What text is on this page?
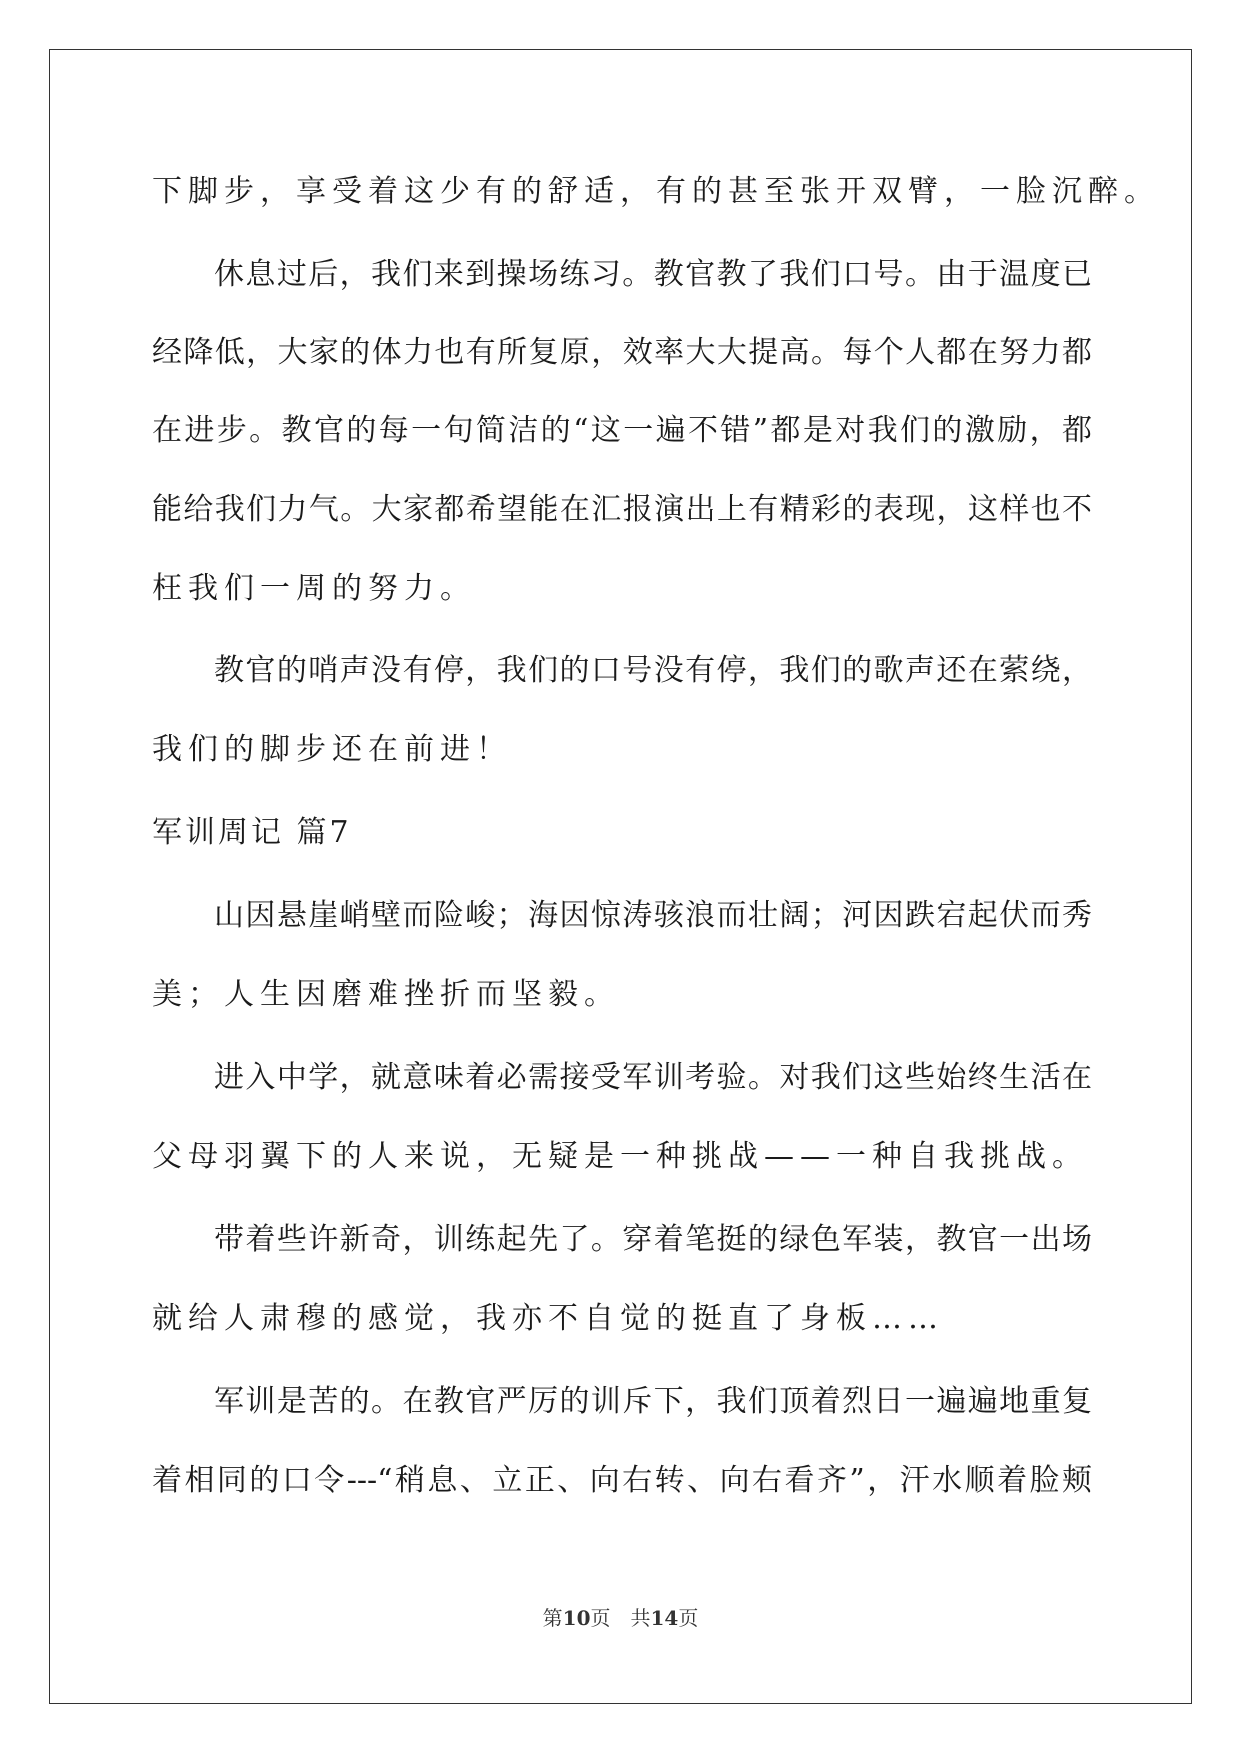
下脚步，享受着这少有的舒适，有的甚至张开双臂，一脸沉醉。
休息过后，我们来到操场练习。教官教了我们口号。由于温度已
经降低，大家的体力也有所复原，效率大大提高。每个人都在努力都
在进步。教官的每一句简洁的“这一遍不错”都是对我们的激励，都
能给我们力气。大家都希望能在汇报演出上有精彩的表现，这样也不
枉我们一周的努力。
教官的哨声没有停，我们的口号没有停，我们的歌声还在萦绕，
我们的脚步还在前进！
军训周记 篇7
山因悬崖峭壁而险峻；海因惊涛骇浪而壮阔；河因跌宕起伏而秀
美；人生因磨难挫折而坚毅。
进入中学，就意味着必需接受军训考验。对我们这些始终生活在
父母羽翼下的人来说，无疑是一种挑战——一种自我挑战。
带着些许新奇，训练起先了。穿着笔挺的绿色军装，教官一出场
就给人肃穆的感觉，我亦不自觉的挺直了身板……
军训是苦的。在教官严厉的训斥下，我们顶着烈日一遍遍地重复
着相同的口令---“稍息、立正、向右转、向右看齐”，汗水顺着脸颊
第10页　共14页
